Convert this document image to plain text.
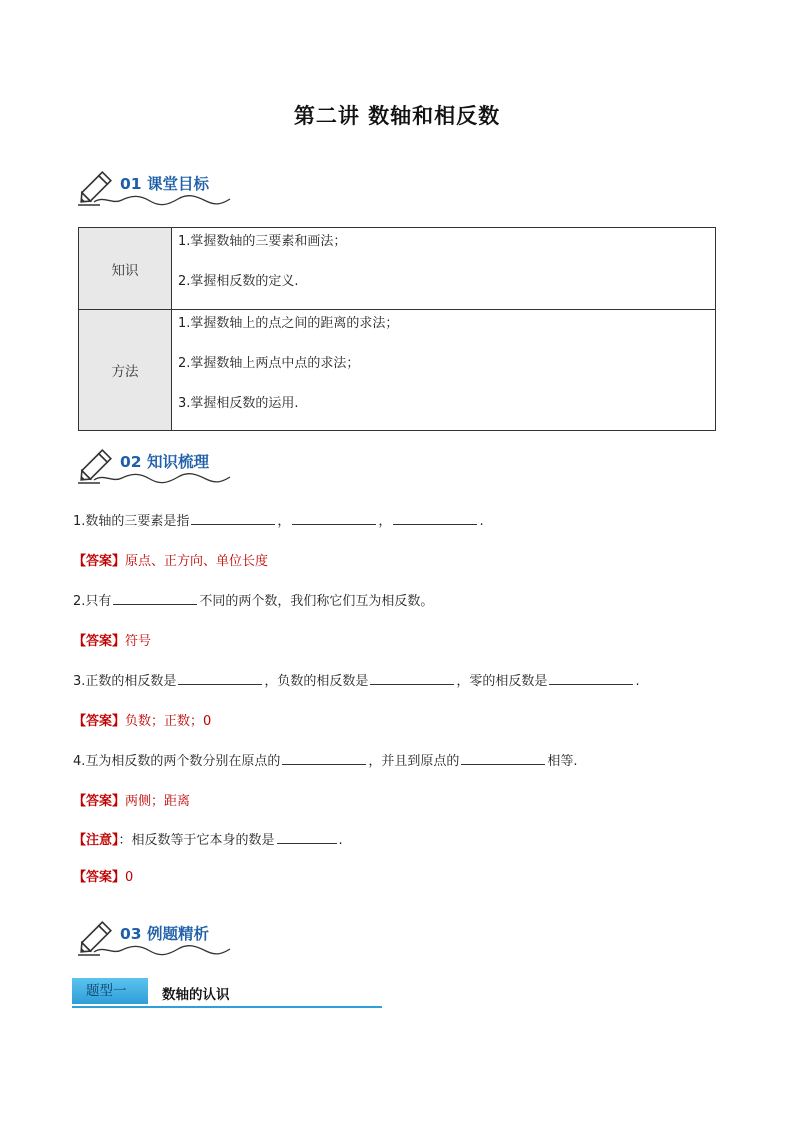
第二讲 数轴和相反数
01 课堂目标
知识	1.掌握数轴的三要素和画法；
2.掌握相反数的定义.

方法	1.掌握数轴上的点之间的距离的求法；
2.掌握数轴上两点中点的求法；
3.掌握相反数的运用.
02 知识梳理
1.数轴的三要素是指	，	，	.
【答案】原点、正方向、单位长度
2.只有	不同的两个数，我们称它们互为相反数。
【答案】符号
3.正数的相反数是	，负数的相反数是	，零的相反数是	.
【答案】负数；正数；0
4.互为相反数的两个数分别在原点的	，并且到原点的	相等.
【答案】两侧；距离
【注意】：相反数等于它本身的数是	.
【答案】0
03 例题精析
题型一	数轴的认识
